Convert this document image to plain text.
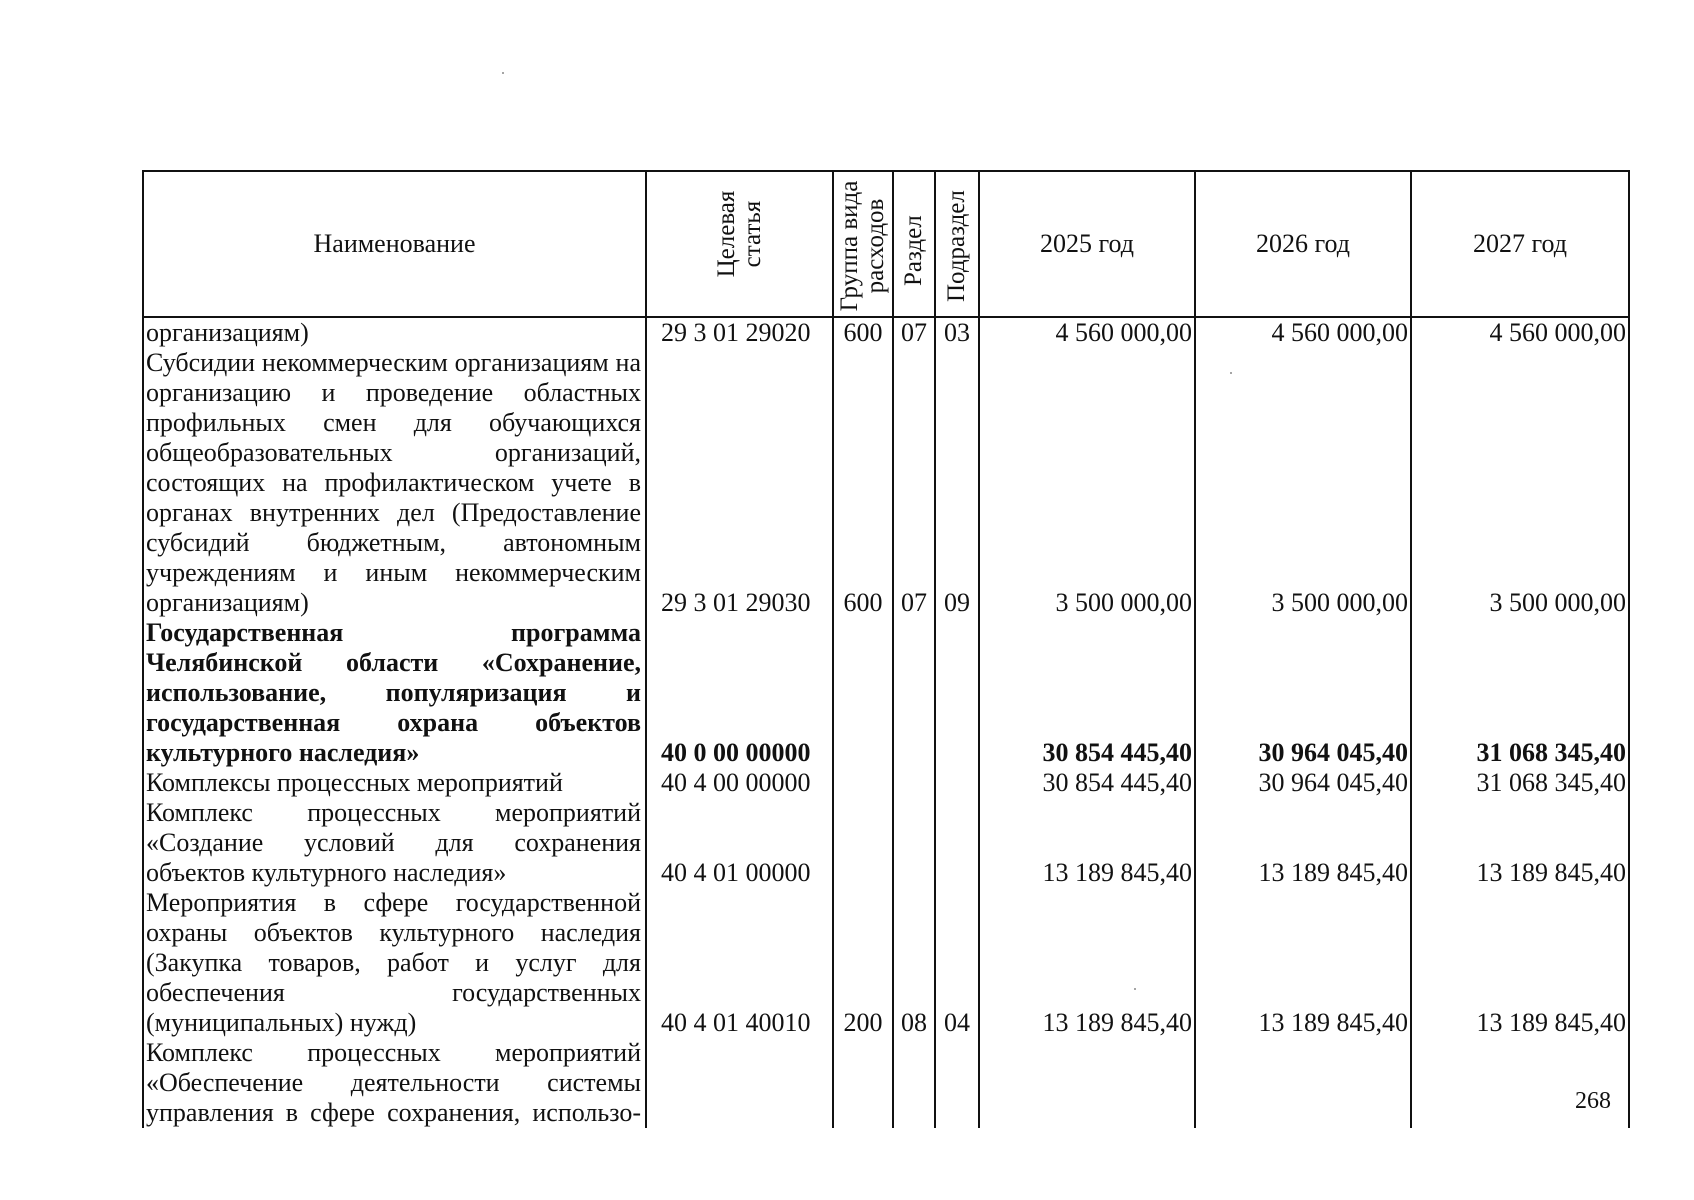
Наименование	Целевая статья	Группа вида расходов	Раздел	Подраздел	2025 год	2026 год	2027 год
организациям)	29 3 01 29020	600	07	03	4 560 000,00	4 560 000,00	4 560 000,00
Субсидии некоммерческим организациям на организацию и проведение областных профильных смен для обучающихся общеобразовательных организаций, состоящих на профилактическом учете в органах внутренних дел (Предоставление субсидий бюджетным, автономным учреждениям и иным некоммерческим организациям)	29 3 01 29030	600	07	09	3 500 000,00	3 500 000,00	3 500 000,00
Государственная программа Челябинской области «Сохранение, использование, популяризация и государственная охрана объектов культурного наследия»	40 0 00 00000				30 854 445,40	30 964 045,40	31 068 345,40
Комплексы процессных мероприятий	40 4 00 00000				30 854 445,40	30 964 045,40	31 068 345,40
Комплекс процессных мероприятий «Создание условий для сохранения объектов культурного наследия»	40 4 01 00000				13 189 845,40	13 189 845,40	13 189 845,40
Мероприятия в сфере государственной охраны объектов культурного наследия (Закупка товаров, работ и услуг для обеспечения государственных (муниципальных) нужд)	40 4 01 40010	200	08	04	13 189 845,40	13 189 845,40	13 189 845,40
Комплекс процессных мероприятий «Обеспечение деятельности системы управления в сфере сохранения, использо-								268
